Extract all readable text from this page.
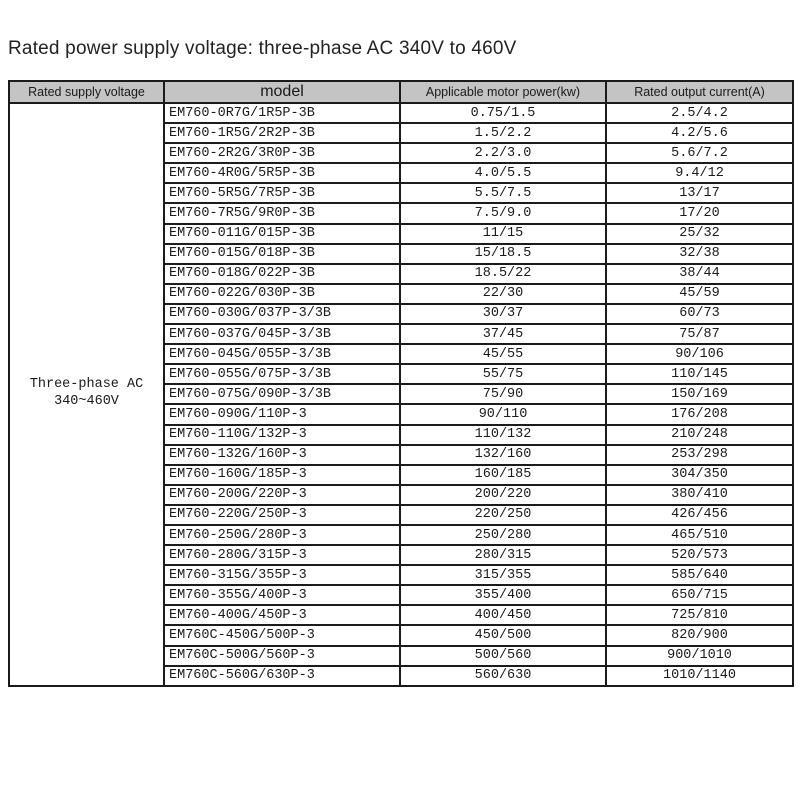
Rated power supply voltage: three-phase AC 340V to 460V
Rated supply voltage	model	Applicable motor power(kw)	Rated output current(A)

Three-phase AC
340~460V	EM760-0R7G/1R5P-3B	0.75/1.5	2.5/4.2
	EM760-1R5G/2R2P-3B	1.5/2.2	4.2/5.6
	EM760-2R2G/3R0P-3B	2.2/3.0	5.6/7.2
	EM760-4R0G/5R5P-3B	4.0/5.5	9.4/12
	EM760-5R5G/7R5P-3B	5.5/7.5	13/17
	EM760-7R5G/9R0P-3B	7.5/9.0	17/20
	EM760-011G/015P-3B	11/15	25/32
	EM760-015G/018P-3B	15/18.5	32/38
	EM760-018G/022P-3B	18.5/22	38/44
	EM760-022G/030P-3B	22/30	45/59
	EM760-030G/037P-3/3B	30/37	60/73
	EM760-037G/045P-3/3B	37/45	75/87
	EM760-045G/055P-3/3B	45/55	90/106
	EM760-055G/075P-3/3B	55/75	110/145
	EM760-075G/090P-3/3B	75/90	150/169
	EM760-090G/110P-3	90/110	176/208
	EM760-110G/132P-3	110/132	210/248
	EM760-132G/160P-3	132/160	253/298
	EM760-160G/185P-3	160/185	304/350
	EM760-200G/220P-3	200/220	380/410
	EM760-220G/250P-3	220/250	426/456
	EM760-250G/280P-3	250/280	465/510
	EM760-280G/315P-3	280/315	520/573
	EM760-315G/355P-3	315/355	585/640
	EM760-355G/400P-3	355/400	650/715
	EM760-400G/450P-3	400/450	725/810
	EM760C-450G/500P-3	450/500	820/900
	EM760C-500G/560P-3	500/560	900/1010
	EM760C-560G/630P-3	560/630	1010/1140
